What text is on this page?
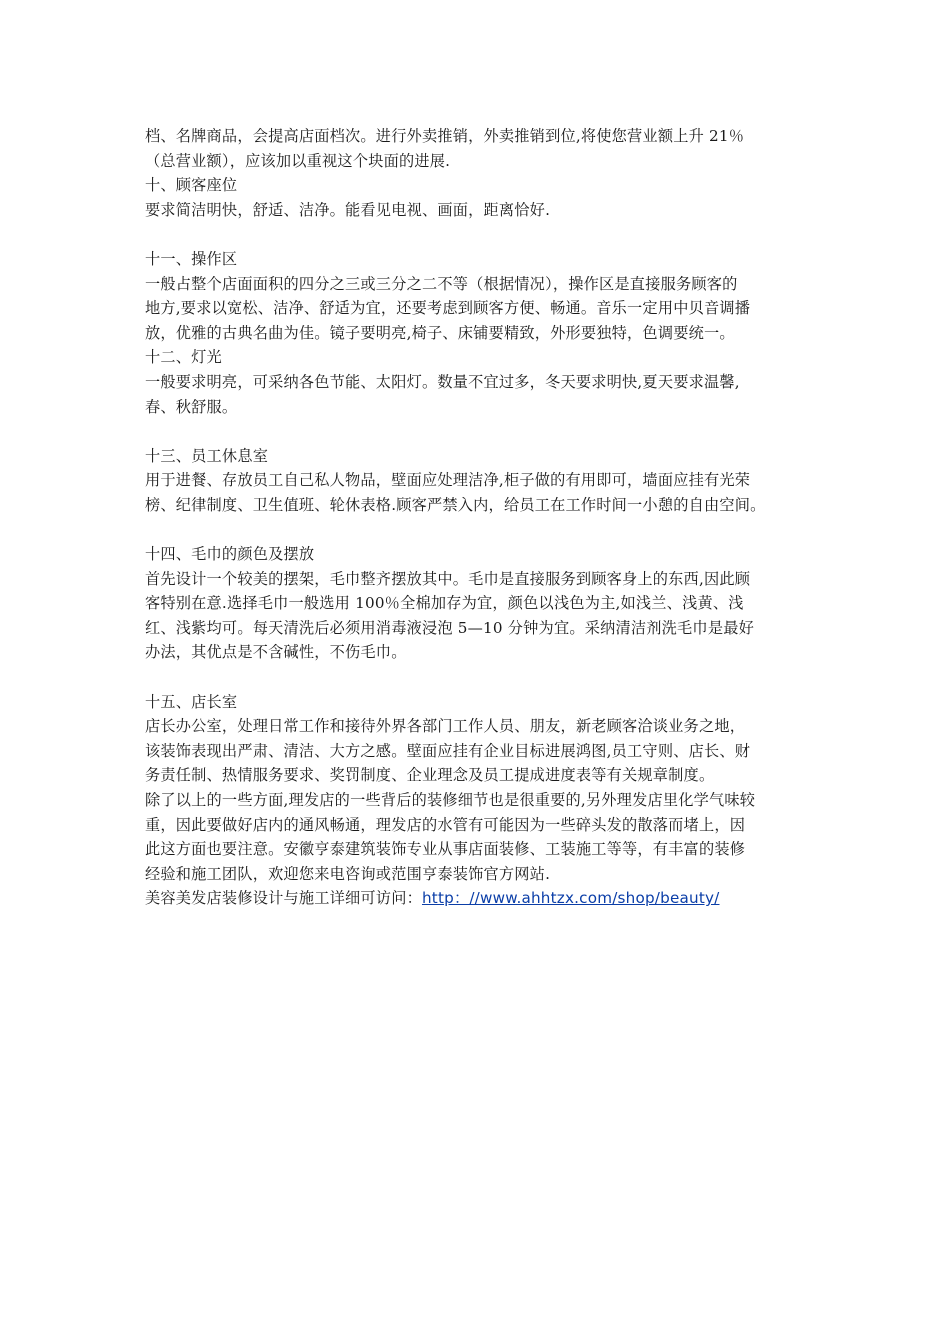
档、名牌商品，会提高店面档次。进行外卖推销，外卖推销到位,将使您营业额上升 21％
（总营业额），应该加以重视这个块面的进展.
十、顾客座位
要求简洁明快，舒适、洁净。能看见电视、画面，距离恰好.
十一、操作区
一般占整个店面面积的四分之三或三分之二不等（根据情况），操作区是直接服务顾客的
地方,要求以宽松、洁净、舒适为宜，还要考虑到顾客方便、畅通。音乐一定用中贝音调播
放，优雅的古典名曲为佳。镜子要明亮,椅子、床铺要精致，外形要独特，色调要统一。
十二、灯光
一般要求明亮，可采纳各色节能、太阳灯。数量不宜过多，冬天要求明快,夏天要求温馨,
春、秋舒服。
十三、员工休息室
用于进餐、存放员工自己私人物品，壁面应处理洁净,柜子做的有用即可，墙面应挂有光荣
榜、纪律制度、卫生值班、轮休表格.顾客严禁入内，给员工在工作时间一小憩的自由空间。
十四、毛巾的颜色及摆放
首先设计一个较美的摆架，毛巾整齐摆放其中。毛巾是直接服务到顾客身上的东西,因此顾
客特别在意.选择毛巾一般选用 100％全棉加存为宜，颜色以浅色为主,如浅兰、浅黄、浅
红、浅紫均可。每天清洗后必须用消毒液浸泡 5—10 分钟为宜。采纳清洁剂洗毛巾是最好
办法，其优点是不含碱性，不伤毛巾。
十五、店长室
店长办公室，处理日常工作和接待外界各部门工作人员、朋友，新老顾客洽谈业务之地，
该装饰表现出严肃、清洁、大方之感。壁面应挂有企业目标进展鸿图,员工守则、店长、财
务责任制、热情服务要求、奖罚制度、企业理念及员工提成进度表等有关规章制度。
除了以上的一些方面,理发店的一些背后的装修细节也是很重要的,另外理发店里化学气味较
重，因此要做好店内的通风畅通，理发店的水管有可能因为一些碎头发的散落而堵上，因
此这方面也要注意。安徽亨泰建筑装饰专业从事店面装修、工装施工等等，有丰富的装修
经验和施工团队，欢迎您来电咨询或范围亨泰装饰官方网站.
美容美发店装修设计与施工详细可访问：http：//www.ahhtzx.com/shop/beauty/
